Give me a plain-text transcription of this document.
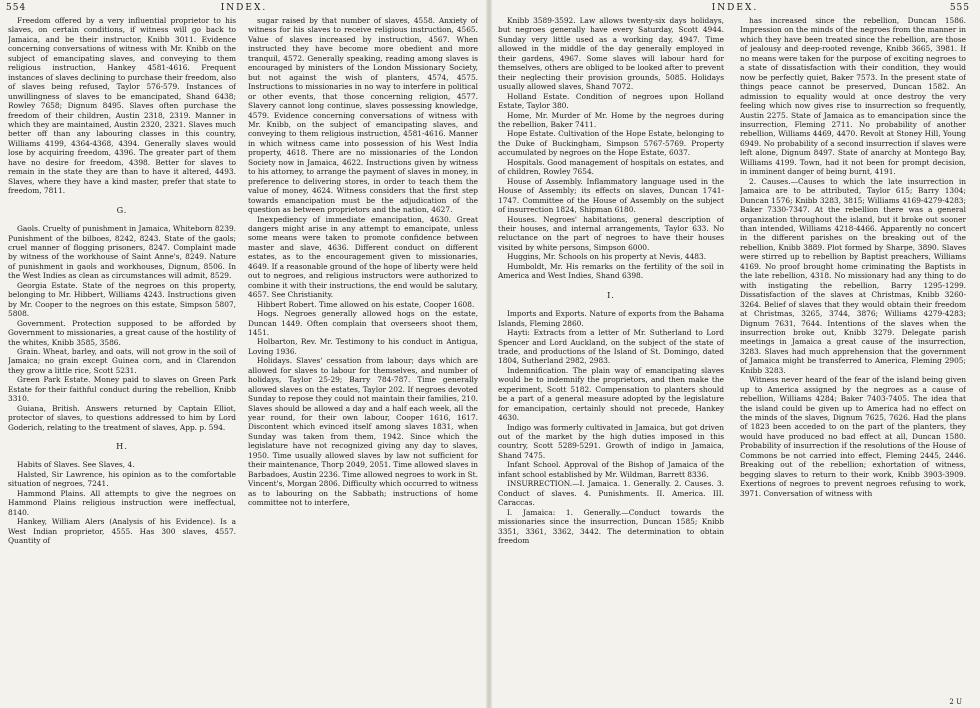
554	INDEX.

Freedom offered by a very influential proprietor to his slaves, on certain conditions, if witness will go back to Jamaica, and be their instructor, Knibb 3011. Evidence concerning conversations of witness with Mr. Knibb on the subject of emancipating slaves, and conveying to them religious instruction, Hankey 4581-4616. Frequent instances of slaves declining to purchase their freedom, also of slaves being refused, Taylor 576-579. Instances of unwillingness of slaves to be emancipated, Shand 6438; Rowley 7658; Dignum 8495. Slaves often purchase the freedom of their children, Austin 2318, 2319. Manner in which they are maintained, Austin 2320, 2321. Slaves much better off than any labouring classes in this country, Williams 4199, 4364-4368, 4394. Generally slaves would lose by acquiring freedom, 4396. The greater part of them have no desire for freedom, 4398. Better for slaves to remain in the state they are than to have it altered, 4493. Slaves, where they have a kind master, prefer that state to freedom, 7811.

G.

Gaols. Cruelty of punishment in Jamaica, Whiteborn 8239. Punishment of the bilboes, 8242, 8243. State of the gaols; cruel manner of flogging prisoners, 8247. Complaint made by witness of the workhouse of Saint Anne's, 8249. Nature of punishment in gaols and workhouses, Dignum, 8506. In the West Indies as clean as circumstances will admit, 8529.

Georgia Estate. State of the negroes on this property, belonging to Mr. Hibbert, Williams 4243. Instructions given by Mr. Cooper to the negroes on this estate, Simpson 5807, 5808.

Government. Protection supposed to be afforded by Government to missionaries, a great cause of the hostility of the whites, Knibb 3585, 3586.

Grain. Wheat, barley, and oats, will not grow in the soil of Jamaica; no grain except Guinea corn, and in Clarendon they grow a little rice, Scott 5231.

Green Park Estate. Money paid to slaves on Green Park Estate for their faithful conduct during the rebellion, Knibb 3310.

Guiana, British. Answers returned by Captain Elliot, protector of slaves, to questions addressed to him by Lord Goderich, relating to the treatment of slaves, App. p. 594.

H.

Habits of Slaves. See Slaves, 4.

Halsted, Sir Lawrence, his opinion as to the comfortable situation of negroes, 7241.

Hammond Plains. All attempts to give the negroes on Hammond Plains religious instruction were ineffectual, 8140.

Hankey, William Alers (Analysis of his Evidence). Is a West Indian proprietor, 4555. Has 300 slaves, 4557. Quantity of

sugar raised by that number of slaves, 4558. Anxiety of witness for his slaves to receive religious instruction, 4565. Value of slaves increased by instruction, 4567. When instructed they have become more obedient and more tranquil, 4572. Generally speaking, reading among slaves is encouraged by ministers of the London Missionary Society, but not against the wish of planters, 4574, 4575. Instructions to missionaries in no way to interfere in political or other events, that those concerning religion, 4577. Slavery cannot long continue, slaves possessing knowledge, 4579. Evidence concerning conversations of witness with Mr. Knibb, on the subject of emancipating slaves, and conveying to them religious instruction, 4581-4616. Manner in which witness came into possession of his West India property, 4618. There are no missionaries of the London Society now in Jamaica, 4622. Instructions given by witness to his attorney, to arrange the payment of slaves in money, in preference to delivering stores, in order to teach them the value of money, 4624. Witness considers that the first step towards emancipation must be the adjudication of the question as between proprietors and the nation, 4627.

Inexpediency of immediate emancipation, 4630. Great dangers might arise in any attempt to emancipate, unless some means were taken to promote confidence between master and slave, 4636. Different conduct on different estates, as to the encouragement given to missionaries, 4649. If a reasonable ground of the hope of liberty were held out to negroes, and religious instructors were authorized to combine it with their instructions, the end would be salutary, 4657. See Christianity.

Hibbert Robert. Time allowed on his estate, Cooper 1608.

Hogs. Negroes generally allowed hogs on the estate, Duncan 1449. Often complain that overseers shoot them, 1451.

Holbarton, Rev. Mr. Testimony to his conduct in Antigua, Loving 1936.

Holidays. Slaves' cessation from labour; days which are allowed for slaves to labour for themselves, and number of holidays, Taylor 25-29; Barry 784-787. Time generally allowed slaves on the estates, Taylor 202. If negroes devoted Sunday to repose they could not maintain their families, 210. Slaves should be allowed a day and a half each week, all the year round, for their own labour, Cooper 1616, 1617. Discontent which evinced itself among slaves 1831, when Sunday was taken from them, 1942. Since which the legislature have not recognized giving any day to slaves, 1950. Time usually allowed slaves by law not sufficient for their maintenance, Thorp 2049, 2051. Time allowed slaves in Barbadoes, Austin 2236. Time allowed negroes to work in St. Vincent's, Morgan 2806. Difficulty which occurred to witness as to labouring on the Sabbath; instructions of home committee not to interfere,

INDEX.	555

Knibb 3589-3592. Law allows twenty-six days holidays, but negroes generally have every Saturday, Scott 4944. Sunday very little used as a working day, 4947. Time allowed in the middle of the day generally employed in their gardens, 4967. Some slaves will labour hard for themselves, others are obliged to be looked after to prevent their neglecting their provision grounds, 5085. Holidays usually allowed slaves, Shand 7072.

Holland Estate. Condition of negroes upon Holland Estate, Taylor 380.

Home, Mr. Murder of Mr. Home by the negroes during the rebellion, Baker 7411.

Hope Estate. Cultivation of the Hope Estate, belonging to the Duke of Buckingham, Simpson 5767-5769. Property accumulated by negroes on the Hope Estate, 6037.

Hospitals. Good management of hospitals on estates, and of children, Rowley 7654.

House of Assembly. Inflammatory language used in the House of Assembly; its effects on slaves, Duncan 1741-1747. Committee of the House of Assembly on the subject of insurrection 1824, Shipman 6180.

Houses. Negroes' habitations, general description of their houses, and internal arrangements, Taylor 633. No reluctance on the part of negroes to have their houses visited by white persons, Simpson 6000.

Huggins, Mr. Schools on his property at Nevis, 4483.

Humboldt, Mr. His remarks on the fertility of the soil in America and West Indies, Shand 6398.

I.

Imports and Exports. Nature of exports from the Bahama Islands, Fleming 2860.

Hayti: Extracts from a letter of Mr. Sutherland to Lord Spencer and Lord Auckland, on the subject of the state of trade, and productions of the Island of St. Domingo, dated 1804, Sutherland 2982, 2983.

Indemnification. The plain way of emancipating slaves would be to indemnify the proprietors, and then make the experiment, Scott 5182. Compensation to planters should be a part of a general measure adopted by the legislature for emancipation, certainly should not precede, Hankey 4630.

Indigo was formerly cultivated in Jamaica, but got driven out of the market by the high duties imposed in this country, Scott 5289-5291. Growth of indigo in Jamaica, Shand 7475.

Infant School. Approval of the Bishop of Jamaica of the infant school established by Mr. Wildman, Barrett 8336.

INSURRECTION.—I. Jamaica. 1. Generally. 2. Causes. 3. Conduct of slaves. 4. Punishments. II. America. III. Caraccas.

I. Jamaica: 1. Generally.—Conduct towards the missionaries since the insurrection, Duncan 1585; Knibb 3351, 3361, 3362, 3442. The determination to obtain freedom

has increased since the rebellion, Duncan 1586. Impression on the minds of the negroes from the manner in which they have been treated since the rebellion, are those of jealousy and deep-rooted revenge, Knibb 3665, 3981. If no means were taken for the purpose of exciting negroes to a state of dissatisfaction with their condition, they would now be perfectly quiet, Baker 7573. In the present state of things peace cannot be preserved, Duncan 1582. An admission to equality would at once destroy the very feeling which now gives rise to insurrection so frequently, Austin 2275. State of Jamaica as to emancipation since the insurrection, Fleming 2711. No probability of another rebellion, Williams 4469, 4470. Revolt at Stoney Hill, Young 6949. No probability of a second insurrection if slaves were left alone, Dignum 8497. State of anarchy at Montego Bay, Williams 4199. Town, had it not been for prompt decision, in imminent danger of being burnt, 4191.

2. Causes.—Causes to which the late insurrection in Jamaica are to be attributed, Taylor 615; Barry 1304; Duncan 1576; Knibb 3283, 3815; Williams 4169-4279-4283; Baker 7330-7347. At the rebellion there was a general organization throughout the island, but it broke out sooner than intended, Williams 4218-4466. Apparently no concert in the different parishes on the breaking out of the rebellion, Knibb 3889. Plot formed by Sharpe, 3890. Slaves were stirred up to rebellion by Baptist preachers, Williams 4169. No proof brought home criminating the Baptists in the late rebellion, 4318. No missionary had any thing to do with instigating the rebellion, Barry 1295-1299. Dissatisfaction of the slaves at Christmas, Knibb 3260-3264. Belief of slaves that they would obtain their freedom at Christmas, 3265, 3744, 3876; Williams 4279-4283; Dignum 7631, 7644. Intentions of the slaves when the insurrection broke out, Knibb 3279. Delegate parish meetings in Jamaica a great cause of the insurrection, 3283. Slaves had much apprehension that the government of Jamaica might be transferred to America, Fleming 2905; Knibb 3283.

Witness never heard of the fear of the island being given up to America assigned by the negroes as a cause of rebellion, Williams 4284; Baker 7403-7405. The idea that the island could be given up to America had no effect on the minds of the slaves, Dignum 7625, 7626. Had the plans of 1823 been acceded to on the part of the planters, they would have produced no bad effect at all, Duncan 1580. Probability of insurrection if the resolutions of the House of Commons be not carried into effect, Fleming 2445, 2446. Breaking out of the rebellion; exhortation of witness, begging slaves to return to their work, Knibb 3903-3909. Exertions of negroes to prevent negroes refusing to work, 3971. Conversation of witness with

2 U
